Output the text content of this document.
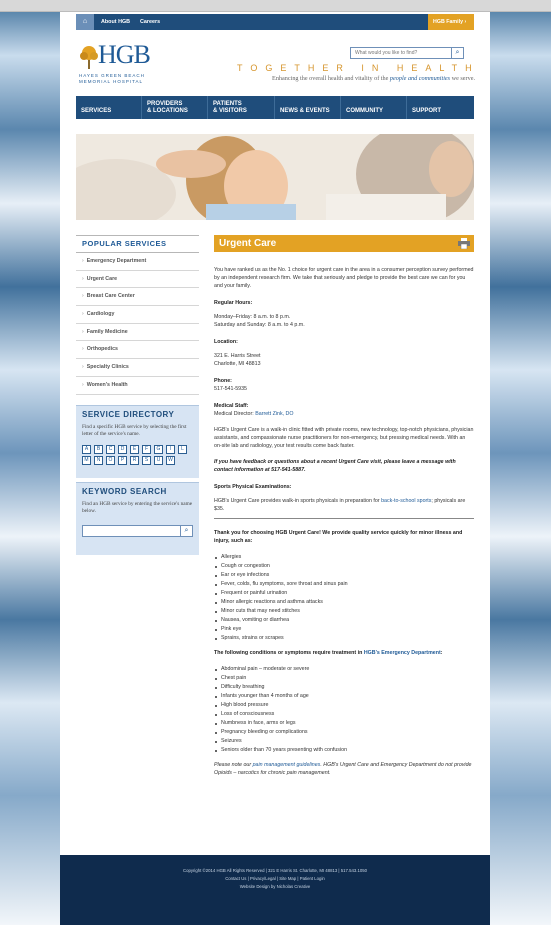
⌂	About HGB Careers	HGB Family ›
HGB
HAYES GREEN BEACH
MEMORIAL HOSPITAL
What would you like to find?
⌕
TOGETHER IN HEALTH
Enhancing the overall health and vitality of the people and communities we serve.
SERVICES
PROVIDERS
& LOCATIONS
PATIENTS
& VISITORS	NEWS & EVENTS	COMMUNITY	SUPPORT
POPULAR SERVICES
› Emergency Department
› Urgent Care
› Breast Care Center
› Cardiology
› Family Medicine
› Orthopedics
› Specialty Clinics
› Women's Health
SERVICE DIRECTORY
Find a specific HGB service by selecting the first letter of the service's name.
A	B	C	D	E	F	G	I	L
M	N	O	P	R	S	U	W
KEYWORD SEARCH
Find an HGB service by entering the service's name below.
⌕
Urgent Care

You have ranked us as the No. 1 choice for urgent care in the area in a consumer perception survey performed by an independent research firm. We take that seriously and pledge to provide the best care we can for you and your family.

Regular Hours:

Monday–Friday: 8 a.m. to 8 p.m.

Saturday and Sunday: 8 a.m. to 4 p.m.

Location:

321 E. Harris Street

Charlotte, MI 48813

Phone:

517-541-5935

Medical Staff:

Medical Director: Barrett Zink, DO

HGB's Urgent Care is a walk-in clinic fitted with private rooms, new technology, top-notch physicians, physician assistants, and compassionate nurse practitioners for non-emergency, but pressing medical needs. With an on-site lab and radiology, your test results come back faster.

If you have feedback or questions about a recent Urgent Care visit, please leave a message with contact information at 517-541-5887.

Sports Physical Examinations:

HGB's Urgent Care provides walk-in sports physicals in preparation for back-to-school sports; physicals are $35.

Thank you for choosing HGB Urgent Care! We provide quality service quickly for minor illness and injury, such as:

Allergies
Cough or congestion
Ear or eye infections
Fever, colds, flu symptoms, sore throat and sinus pain
Frequent or painful urination
Minor allergic reactions and asthma attacks
Minor cuts that may need stitches
Nausea, vomiting or diarrhea
Pink eye
Sprains, strains or scrapes

The following conditions or symptoms require treatment in HGB's Emergency Department:

Abdominal pain – moderate or severe
Chest pain
Difficulty breathing
Infants younger than 4 months of age
High blood pressure
Loss of consciousness
Numbness in face, arms or legs
Pregnancy bleeding or complications
Seizures
Seniors older than 70 years presenting with confusion

Please note our pain management guidelines. HGB's Urgent Care and Emergency Department do not provide Opioids – narcotics for chronic pain management.

Copyright ©2014 HGB All Rights Reserved | 321 E Harris St. Charlotte, MI 48813 | 517.543.1050

Contact Us | Privacy/Legal | Site Map | Patient Login

Website Design by Nicholas Creative
